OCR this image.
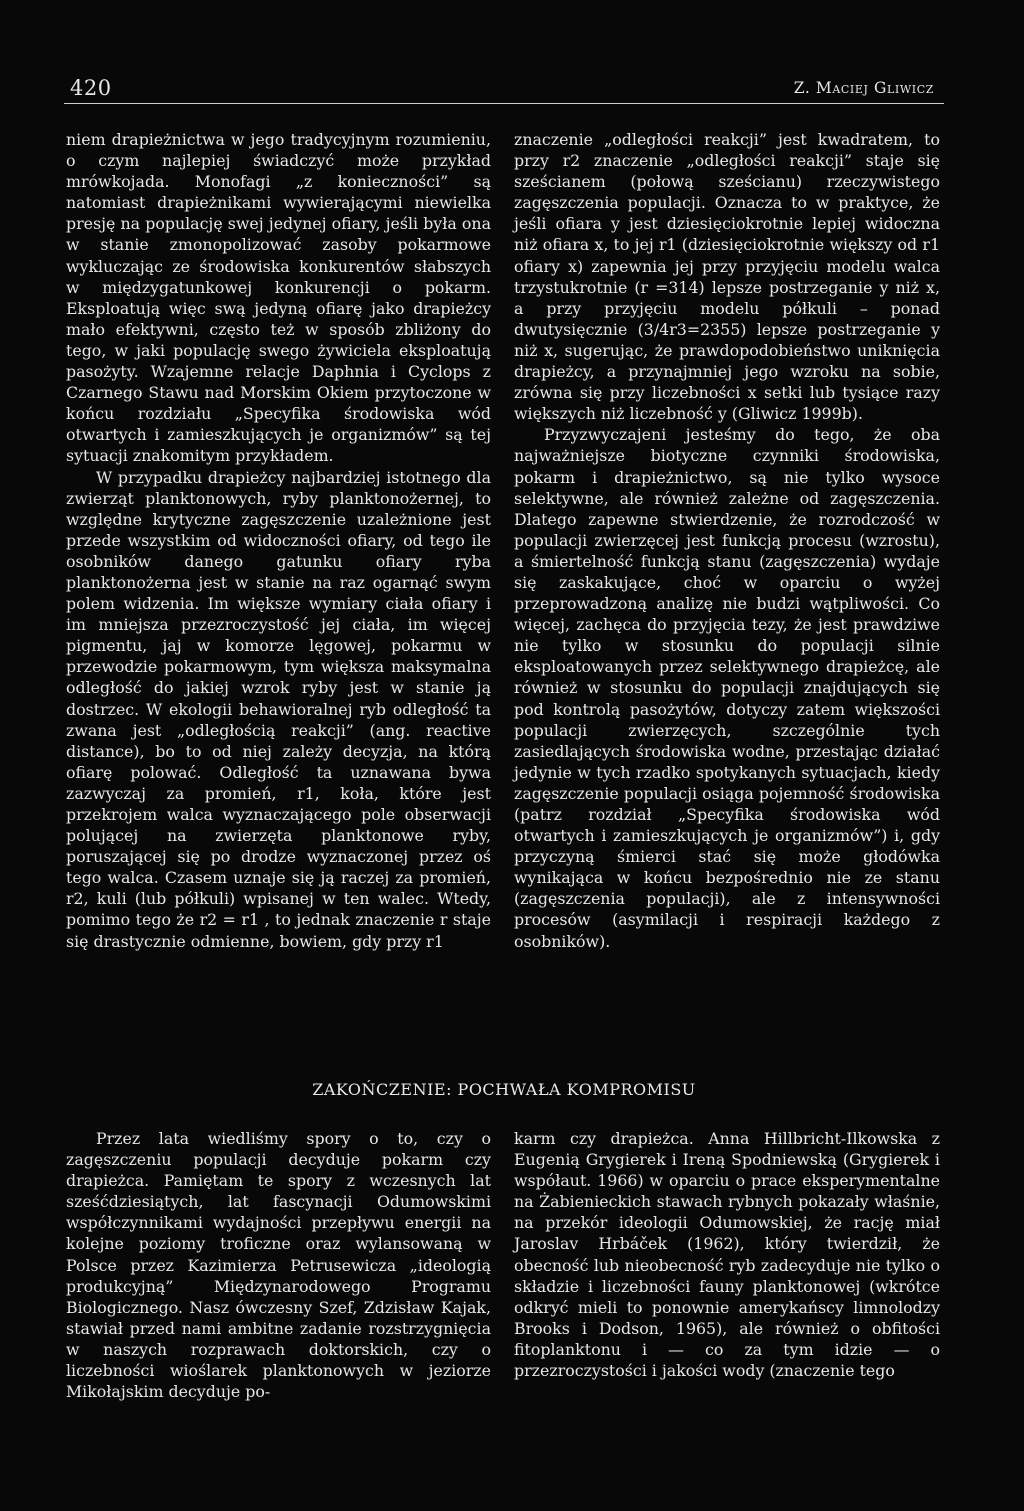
420	Z. Maciej Gliwicz

niem drapieżnictwa w jego tradycyjnym rozumieniu, o czym najlepiej świadczyć może przykład mrówkojada. Monofagi „z konieczności” są natomiast drapieżnikami wywierającymi niewielka presję na populację swej jedynej ofiary, jeśli była ona w stanie zmonopolizować zasoby pokarmowe wykluczając ze środowiska konkurentów słabszych w międzygatunkowej konkurencji o pokarm. Eksploatują więc swą jedyną ofiarę jako drapieżcy mało efektywni, często też w sposób zbliżony do tego, w jaki populację swego żywiciela eksploatują pasożyty. Wzajemne relacje Daphnia i Cyclops z Czarnego Stawu nad Morskim Okiem przytoczone w końcu rozdziału „Specyfika środowiska wód otwartych i zamieszkujących je organizmów” są tej sytuacji znakomitym przykładem.

W przypadku drapieżcy najbardziej istotnego dla zwierząt planktonowych, ryby planktonożernej, to względne krytyczne zagęszczenie uzależnione jest przede wszystkim od widoczności ofiary, od tego ile osobników danego gatunku ofiary ryba planktonożerna jest w stanie na raz ogarnąć swym polem widzenia. Im większe wymiary ciała ofiary i im mniejsza przezroczystość jej ciała, im więcej pigmentu, jaj w komorze lęgowej, pokarmu w przewodzie pokarmowym, tym większa maksymalna odległość do jakiej wzrok ryby jest w stanie ją dostrzec. W ekologii behawioralnej ryb odległość ta zwana jest „odległością reakcji” (ang. reactive distance), bo to od niej zależy decyzja, na którą ofiarę polować. Odległość ta uznawana bywa zazwyczaj za promień, r1, koła, które jest przekrojem walca wyznaczającego pole obserwacji polującej na zwierzęta planktonowe ryby, poruszającej się po drodze wyznaczonej przez oś tego walca. Czasem uznaje się ją raczej za promień, r2, kuli (lub półkuli) wpisanej w ten walec. Wtedy, pomimo tego że r2 = r1 , to jednak znaczenie r staje się drastycznie odmienne, bowiem, gdy przy r1

znaczenie „odległości reakcji” jest kwadratem, to przy r2 znaczenie „odległości reakcji” staje się sześcianem (połową sześcianu) rzeczywistego zagęszczenia populacji. Oznacza to w praktyce, że jeśli ofiara y jest dziesięciokrotnie lepiej widoczna niż ofiara x, to jej r1 (dziesięciokrotnie większy od r1 ofiary x) zapewnia jej przy przyjęciu modelu walca trzystukrotnie (r =314) lepsze postrzeganie y niż x, a przy przyjęciu modelu półkuli – ponad dwutysięcznie (3/4r3=2355) lepsze postrzeganie y niż x, sugerując, że prawdopodobieństwo uniknięcia drapieżcy, a przynajmniej jego wzroku na sobie, zrówna się przy liczebności x setki lub tysiące razy większych niż liczebność y (Gliwicz 1999b).

Przyzwyczajeni jesteśmy do tego, że oba najważniejsze biotyczne czynniki środowiska, pokarm i drapieżnictwo, są nie tylko wysoce selektywne, ale również zależne od zagęszczenia. Dlatego zapewne stwierdzenie, że rozrodczość w populacji zwierzęcej jest funkcją procesu (wzrostu), a śmiertelność funkcją stanu (zagęszczenia) wydaje się zaskakujące, choć w oparciu o wyżej przeprowadzoną analizę nie budzi wątpliwości. Co więcej, zachęca do przyjęcia tezy, że jest prawdziwe nie tylko w stosunku do populacji silnie eksploatowanych przez selektywnego drapieżcę, ale również w stosunku do populacji znajdujących się pod kontrolą pasożytów, dotyczy zatem większości populacji zwierzęcych, szczególnie tych zasiedlających środowiska wodne, przestając działać jedynie w tych rzadko spotykanych sytuacjach, kiedy zagęszczenie populacji osiąga pojemność środowiska (patrz rozdział „Specyfika środowiska wód otwartych i zamieszkujących je organizmów”) i, gdy przyczyną śmierci stać się może głodówka wynikająca w końcu bezpośrednio nie ze stanu (zagęszczenia populacji), ale z intensywności procesów (asymilacji i respiracji każdego z osobników).

ZAKOŃCZENIE: POCHWAŁA KOMPROMISU

Przez lata wiedliśmy spory o to, czy o zagęszczeniu populacji decyduje pokarm czy drapieżca. Pamiętam te spory z wczesnych lat sześćdziesiątych, lat fascynacji Odumowskimi współczynnikami wydajności przepływu energii na kolejne poziomy troficzne oraz wylansowaną w Polsce przez Kazimierza Petrusewicza „ideologią produkcyjną” Międzynarodowego Programu Biologicznego. Nasz ówczesny Szef, Zdzisław Kajak, stawiał przed nami ambitne zadanie rozstrzygnięcia w naszych rozprawach doktorskich, czy o liczebności wioślarek planktonowych w jeziorze Mikołajskim decyduje po-

karm czy drapieżca. Anna Hillbricht-Ilkowska z Eugenią Grygierek i Ireną Spodniewską (Grygierek i współaut. 1966) w oparciu o prace eksperymentalne na Żabienieckich stawach rybnych pokazały właśnie, na przekór ideologii Odumowskiej, że rację miał Jaroslav Hrbáček (1962), który twierdził, że obecność lub nieobecność ryb zadecyduje nie tylko o składzie i liczebności fauny planktonowej (wkrótce odkryć mieli to ponownie amerykańscy limnolodzy Brooks i Dodson, 1965), ale również o obfitości fitoplanktonu i — co za tym idzie — o przezroczystości i jakości wody (znaczenie tego
